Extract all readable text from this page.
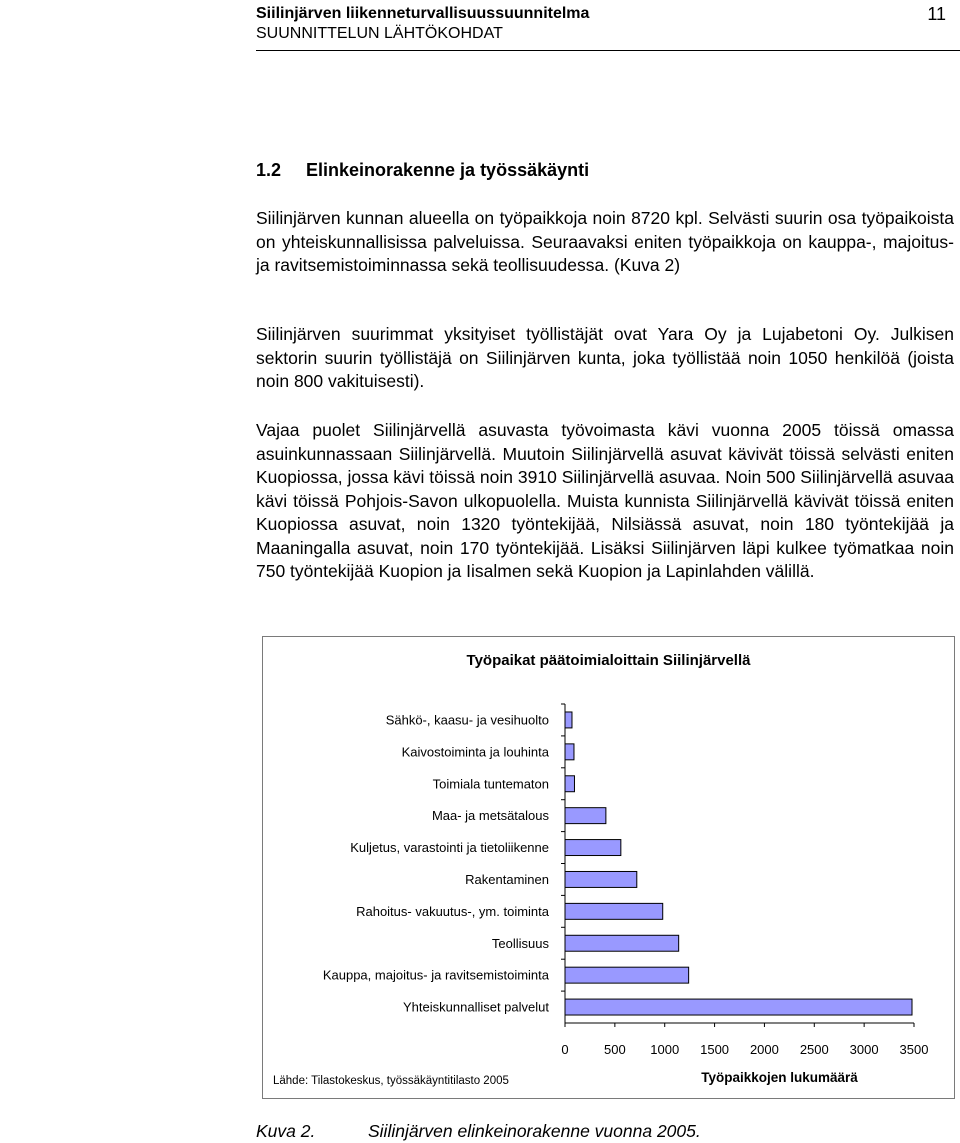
Siilinjärven liikenneturvallisuussuunnitelma
SUUNNITTELUN LÄHTÖKOHDAT
11
1.2 Elinkeinorakenne ja työssäkäynti

Siilinjärven kunnan alueella on työpaikkoja noin 8720 kpl. Selvästi suurin osa työpaikoista on yhteiskunnallisissa palveluissa. Seuraavaksi eniten työpaikkoja on kauppa-, majoitus- ja ravitsemistoiminnassa sekä teollisuudessa. (Kuva 2)

Siilinjärven suurimmat yksityiset työllistäjät ovat Yara Oy ja Lujabetoni Oy. Julkisen sektorin suurin työllistäjä on Siilinjärven kunta, joka työllistää noin 1050 henkilöä (joista noin 800 vakituisesti).

Vajaa puolet Siilinjärvellä asuvasta työvoimasta kävi vuonna 2005 töissä omassa asuinkunnassaan Siilinjärvellä. Muutoin Siilinjärvellä asuvat kävivät töissä selvästi eniten Kuopiossa, jossa kävi töissä noin 3910 Siilinjärvellä asuvaa. Noin 500 Siilinjärvellä asuvaa kävi töissä Pohjois-Savon ulkopuolella. Muista kunnista Siilinjärvellä kävivät töissä eniten Kuopiossa asuvat, noin 1320 työntekijää, Nilsiässä asuvat, noin 180 työntekijää ja Maaningalla asuvat, noin 170 työntekijää. Lisäksi Siilinjärven läpi kulkee työmatkaa noin 750 työntekijää Kuopion ja Iisalmen sekä Kuopion ja Lapinlahden välillä.

Työpaikat päätoimialoittain Siilinjärvellä
Sähkö-, kaasu- ja vesihuolto
Kaivostoiminta ja louhinta
Toimiala tuntematon
Maa- ja metsätalous
Kuljetus, varastointi ja tietoliikenne
Rakentaminen
Rahoitus- vakuutus-, ym. toiminta
Teollisuus
Kauppa, majoitus- ja ravitsemistoiminta
Yhteiskunnalliset palvelut
0	500 1000 1500 2000 2500 3000 3500
Työpaikkojen lukumäärä
Lähde: Tilastokeskus, työssäkäyntitilasto 2005
Kuva 2.	Siilinjärven elinkeinorakenne vuonna 2005.
